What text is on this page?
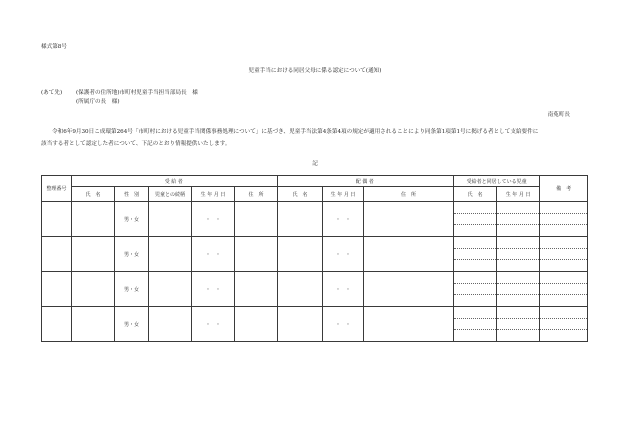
様式第8号
児童手当における同居父母に係る認定について(通知)
(あて先) (保護者の住所地)市町村児童手当担当部局長　様
(所属庁の長　様)
南菟町長
令和6年9月30日こ成環第264号「市町村における児童手当関係事務処理について」に基づき、児童手当法第4条第4項の規定が適用されることにより同条第1項第1号に掲げる者として支給要件に
該当する者として認定した者について、下記のとおり情報提供いたします。
記
整理番号	受給者					配偶者			受給者と同居している児童		備　考
	氏　名	性　別	児童との続柄	生 年 月 日	住　所	氏　名	生 年 月 日	住　所	氏　名	生 年 月 日	
		男・女		・　・			・　・		

		男・女		・　・			・　・		

		男・女		・　・			・　・		

		男・女		・　・			・　・		
